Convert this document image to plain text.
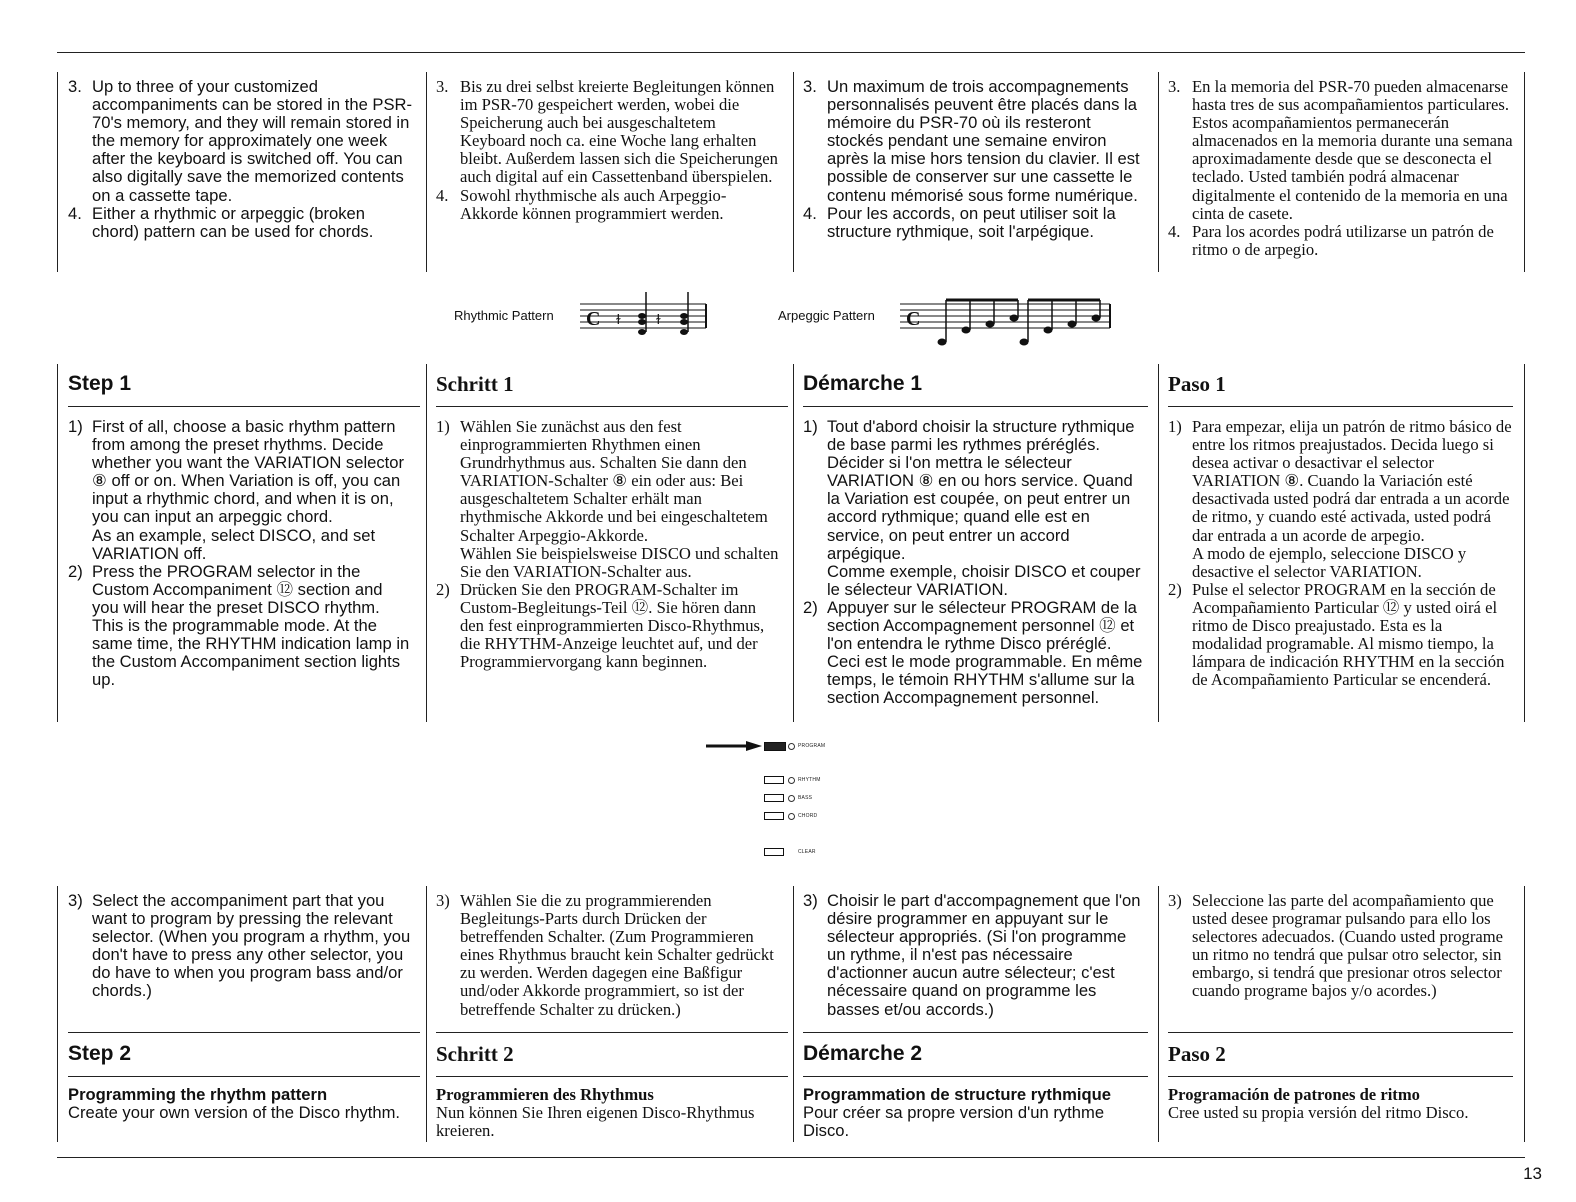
3. Up to three of your customized accompaniments can be stored in the PSR-70's memory, and they will remain stored in the memory for approximately one week after the keyboard is switched off. You can also digitally save the memorized contents on a cassette tape.
4. Either a rhythmic or arpeggic (broken chord) pattern can be used for chords.
3. Bis zu drei selbst kreierte Begleitungen können im PSR-70 gespeichert werden, wobei die Speicherung auch bei ausgeschaltetem Keyboard noch ca. eine Woche lang erhalten bleibt. Außerdem lassen sich die Speicherungen auch digital auf ein Cassettenband überspielen.
4. Sowohl rhythmische als auch Arpeggio-Akkorde können programmiert werden.
3. Un maximum de trois accompagnements personnalisés peuvent être placés dans la mémoire du PSR-70 où ils resteront stockés pendant une semaine environ après la mise hors tension du clavier. Il est possible de conserver sur une cassette le contenu mémorisé sous forme numérique.
4. Pour les accords, on peut utiliser soit la structure rythmique, soit l'arpégique.
3. En la memoria del PSR-70 pueden almacenarse hasta tres de sus acompañamientos particulares. Estos acompañamientos permanecerán almacenados en la memoria durante una semana aproximadamente desde que se desconecta el teclado. Usted también podrá almacenar digitalmente el contenido de la memoria en una cinta de casete.
4. Para los acordes podrá utilizarse un patrón de ritmo o de arpegio.
Rhythmic Pattern C ɫ	ɫ	Arpeggic Pattern C
Step 1
1) First of all, choose a basic rhythm pattern from among the preset rhythms. Decide whether you want the VARIATION selector ⑧ off or on. When Variation is off, you can input a rhythmic chord, and when it is on, you can input an arpeggic chord.
As an example, select DISCO, and set VARIATION off.
2) Press the PROGRAM selector in the Custom Accompaniment ⑫ section and you will hear the preset DISCO rhythm. This is the programmable mode. At the same time, the RHYTHM indication lamp in the Custom Accompaniment section lights up.
Schritt 1
1) Wählen Sie zunächst aus den fest einprogrammierten Rhythmen einen Grundrhythmus aus. Schalten Sie dann den VARIATION-Schalter ⑧ ein oder aus: Bei ausgeschaltetem Schalter erhält man rhythmische Akkorde und bei eingeschaltetem Schalter Arpeggio-Akkorde.
Wählen Sie beispielsweise DISCO und schalten Sie den VARIATION-Schalter aus.
2) Drücken Sie den PROGRAM-Schalter im Custom-Begleitungs-Teil ⑫. Sie hören dann den fest einprogrammierten Disco-Rhythmus, die RHYTHM-Anzeige leuchtet auf, und der Programmiervorgang kann beginnen.
Démarche 1
1) Tout d'abord choisir la structure rythmique de base parmi les rythmes préréglés. Décider si l'on mettra le sélecteur VARIATION ⑧ en ou hors service. Quand la Variation est coupée, on peut entrer un accord rythmique; quand elle est en service, on peut entrer un accord arpégique.
Comme exemple, choisir DISCO et couper le sélecteur VARIATION.
2) Appuyer sur le sélecteur PROGRAM de la section Accompagnement personnel ⑫ et l'on entendra le rythme Disco préréglé. Ceci est le mode programmable. En même temps, le témoin RHYTHM s'allume sur la section Accompagnement personnel.
Paso 1
1) Para empezar, elija un patrón de ritmo básico de entre los ritmos preajustados. Decida luego si desea activar o desactivar el selector VARIATION ⑧. Cuando la Variación esté desactivada usted podrá dar entrada a un acorde de ritmo, y cuando esté activada, usted podrá dar entrada a un acorde de arpegio.
A modo de ejemplo, seleccione DISCO y desactive el selector VARIATION.
2) Pulse el selector PROGRAM en la sección de Acompañamiento Particular ⑫ y usted oirá el ritmo de Disco preajustado. Esta es la modalidad programable. Al mismo tiempo, la lámpara de indicación RHYTHM en la sección de Acompañamiento Particular se encenderá.
PROGRAM
RHYTHM
BASS
CHORD
CLEAR
3) Select the accompaniment part that you want to program by pressing the relevant selector. (When you program a rhythm, you don't have to press any other selector, you do have to when you program bass and/or chords.)
Step 2
Programming the rhythm pattern
Create your own version of the Disco rhythm.
3) Wählen Sie die zu programmierenden Begleitungs-Parts durch Drücken der betreffenden Schalter. (Zum Programmieren eines Rhythmus braucht kein Schalter gedrückt zu werden. Werden dagegen eine Baßfigur und/oder Akkorde programmiert, so ist der betreffende Schalter zu drücken.)
Schritt 2
Programmieren des Rhythmus
Nun können Sie Ihren eigenen Disco-Rhythmus kreieren.
3) Choisir le part d'accompagnement que l'on désire programmer en appuyant sur le sélecteur appropriés. (Si l'on programme un rythme, il n'est pas nécessaire d'actionner aucun autre sélecteur; c'est nécessaire quand on programme les basses et/ou accords.)
Démarche 2
Programmation de structure rythmique
Pour créer sa propre version d'un rythme Disco.
3) Seleccione las parte del acompañamiento que usted desee programar pulsando para ello los selectores adecuados. (Cuando usted programe un ritmo no tendrá que pulsar otro selector, sin embargo, si tendrá que presionar otros selector cuando programe bajos y/o acordes.)
Paso 2
Programación de patrones de ritmo
Cree usted su propia versión del ritmo Disco.
13
